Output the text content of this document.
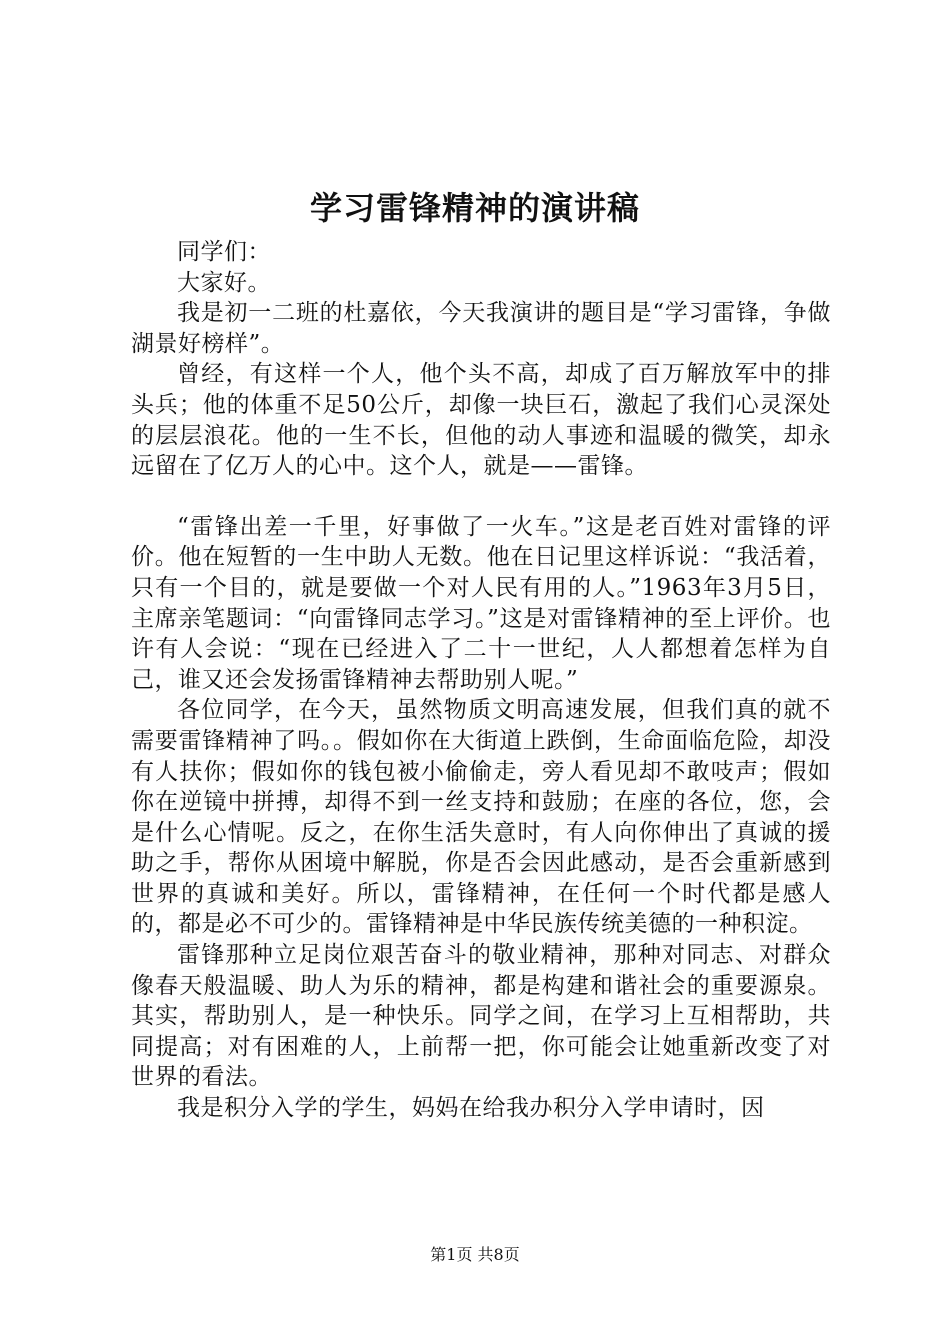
学习雷锋精神的演讲稿

同学们：

大家好。

我是初一二班的杜嘉依，今天我演讲的题目是“学习雷锋，争做湖景好榜样”。

曾经，有这样一个人，他个头不高，却成了百万解放军中的排头兵；他的体重不足50公斤，却像一块巨石，激起了我们心灵深处的层层浪花。他的一生不长，但他的动人事迹和温暖的微笑，却永远留在了亿万人的心中。这个人，就是——雷锋。

“雷锋出差一千里，好事做了一火车。”这是老百姓对雷锋的评价。他在短暂的一生中助人无数。他在日记里这样诉说：“我活着，只有一个目的，就是要做一个对人民有用的人。”1963年3月5日，主席亲笔题词：“向雷锋同志学习。”这是对雷锋精神的至上评价。也许有人会说：“现在已经进入了二十一世纪，人人都想着怎样为自己，谁又还会发扬雷锋精神去帮助别人呢。”

各位同学，在今天，虽然物质文明高速发展，但我们真的就不需要雷锋精神了吗。。假如你在大街道上跌倒，生命面临危险，却没有人扶你；假如你的钱包被小偷偷走，旁人看见却不敢吱声；假如你在逆镜中拼搏，却得不到一丝支持和鼓励；在座的各位，您，会是什么心情呢。反之，在你生活失意时，有人向你伸出了真诚的援助之手，帮你从困境中解脱，你是否会因此感动，是否会重新感到世界的真诚和美好。所以，雷锋精神，在任何一个时代都是感人的，都是必不可少的。雷锋精神是中华民族传统美德的一种积淀。

雷锋那种立足岗位艰苦奋斗的敬业精神，那种对同志、对群众像春天般温暖、助人为乐的精神，都是构建和谐社会的重要源泉。其实，帮助别人，是一种快乐。同学之间，在学习上互相帮助，共同提高；对有困难的人，上前帮一把，你可能会让她重新改变了对世界的看法。

我是积分入学的学生，妈妈在给我办积分入学申请时，因

第1页 共8页
